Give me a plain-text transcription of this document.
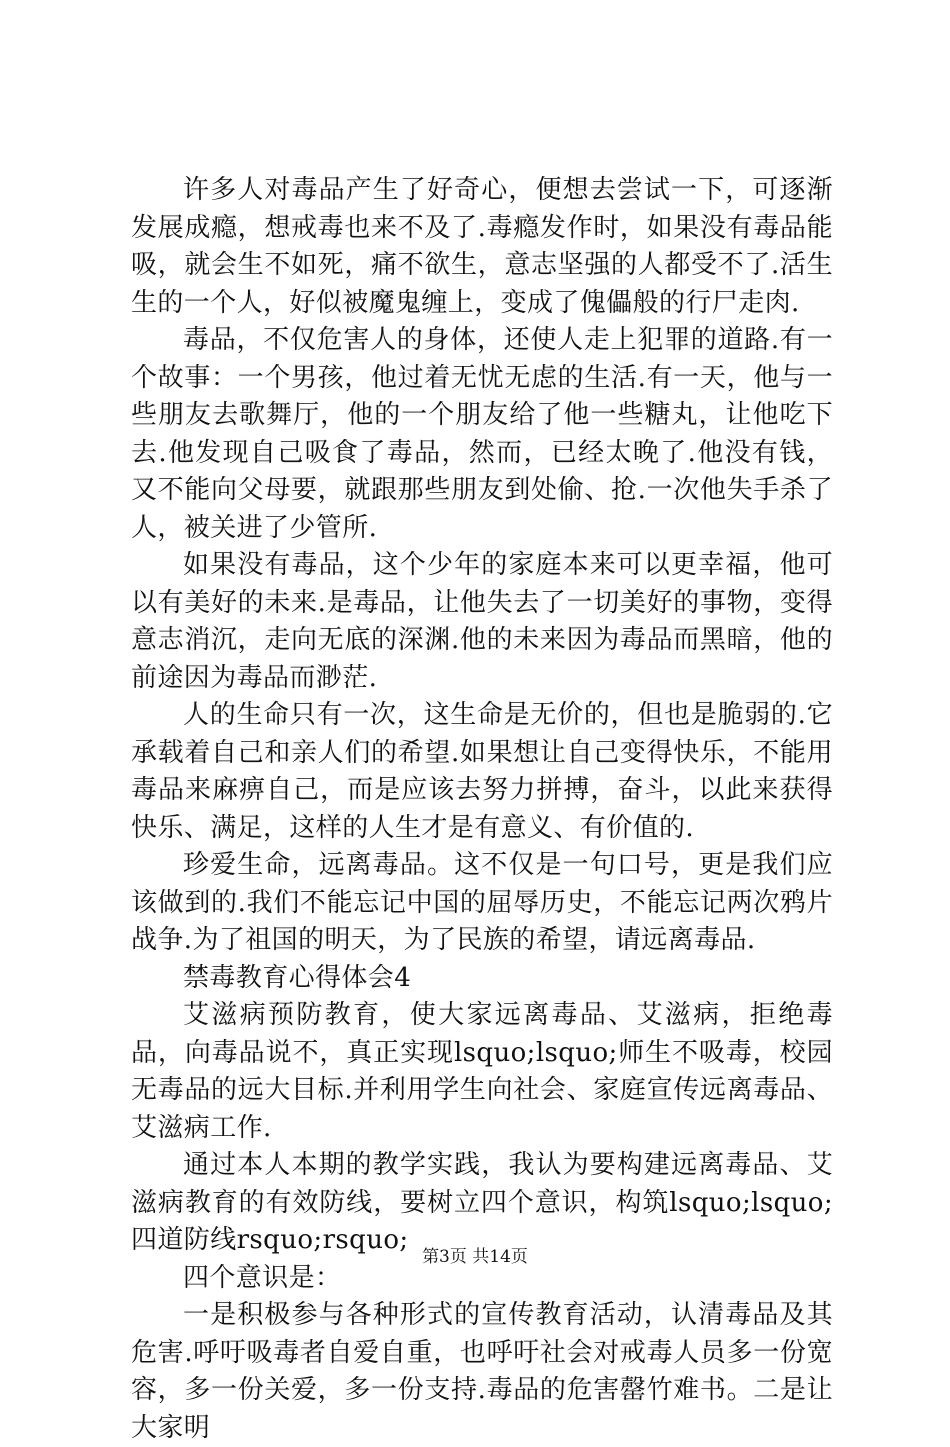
许多人对毒品产生了好奇心，便想去尝试一下，可逐渐发展成瘾，想戒毒也来不及了.毒瘾发作时，如果没有毒品能吸，就会生不如死，痛不欲生，意志坚强的人都受不了.活生生的一个人，好似被魔鬼缠上，变成了傀儡般的行尸走肉.

毒品，不仅危害人的身体，还使人走上犯罪的道路.有一个故事：一个男孩，他过着无忧无虑的生活.有一天，他与一些朋友去歌舞厅，他的一个朋友给了他一些糖丸，让他吃下去.他发现自己吸食了毒品，然而，已经太晚了.他没有钱，又不能向父母要，就跟那些朋友到处偷、抢.一次他失手杀了人，被关进了少管所.

如果没有毒品，这个少年的家庭本来可以更幸福，他可以有美好的未来.是毒品，让他失去了一切美好的事物，变得意志消沉，走向无底的深渊.他的未来因为毒品而黑暗，他的前途因为毒品而渺茫.

人的生命只有一次，这生命是无价的，但也是脆弱的.它承载着自己和亲人们的希望.如果想让自己变得快乐，不能用毒品来麻痹自己，而是应该去努力拼搏，奋斗，以此来获得快乐、满足，这样的人生才是有意义、有价值的.

珍爱生命，远离毒品。这不仅是一句口号，更是我们应该做到的.我们不能忘记中国的屈辱历史，不能忘记两次鸦片战争.为了祖国的明天，为了民族的希望，请远离毒品.

禁毒教育心得体会4

艾滋病预防教育，使大家远离毒品、艾滋病，拒绝毒品，向毒品说不，真正实现lsquo;lsquo;师生不吸毒，校园无毒品的远大目标.并利用学生向社会、家庭宣传远离毒品、艾滋病工作.

通过本人本期的教学实践，我认为要构建远离毒品、艾滋病教育的有效防线，要树立四个意识，构筑lsquo;lsquo;四道防线rsquo;rsquo;

四个意识是：

一是积极参与各种形式的宣传教育活动，认清毒品及其危害.呼吁吸毒者自爱自重，也呼吁社会对戒毒人员多一份宽容，多一份关爱，多一份支持.毒品的危害罄竹难书。二是让大家明

第3页 共14页
